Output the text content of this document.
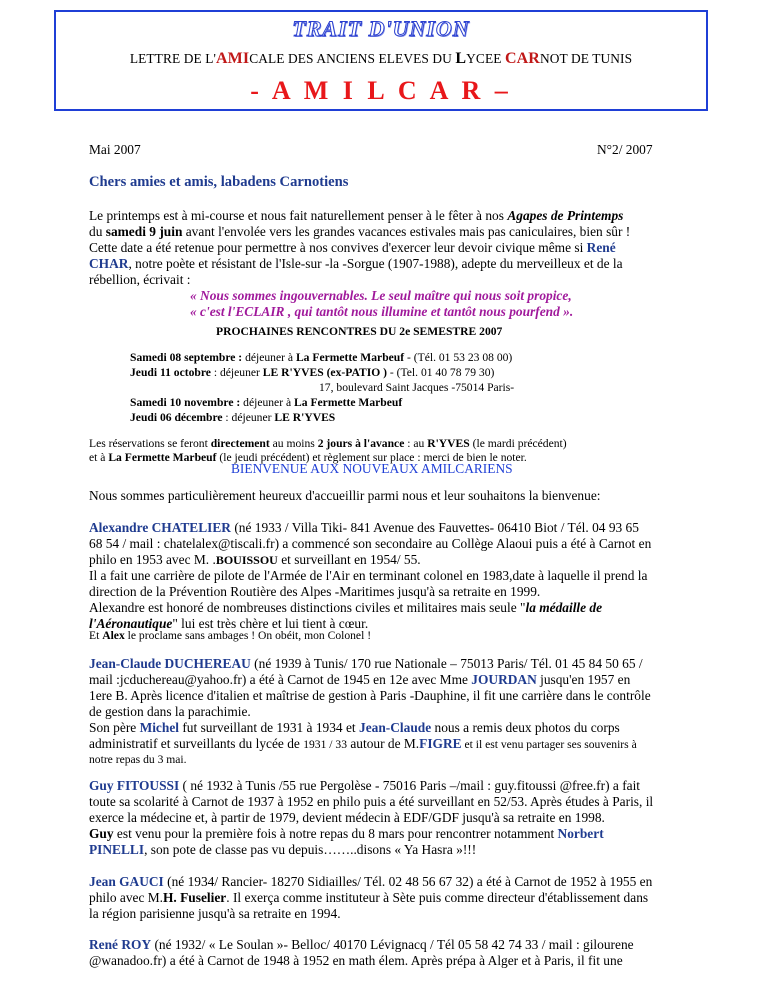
TRAIT D'UNION
LETTRE DE L'AMICALE DES ANCIENS ELEVES DU LYCEE CARNOT DE TUNIS
- A M I L C A R –
Mai 2007	N°2/ 2007
Chers amies et amis, labadens Carnotiens
Le printemps est à mi-course et nous fait naturellement penser à le fêter à nos Agapes de Printemps
du samedi 9 juin avant l'envolée vers les grandes vacances estivales mais pas caniculaires, bien sûr !
Cette date a été retenue pour permettre à nos convives d'exercer leur devoir civique même si René
CHAR, notre poète et résistant de l'Isle-sur -la -Sorgue (1907-1988), adepte du merveilleux et de la
rébellion, écrivait :
« Nous sommes ingouvernables. Le seul maître qui nous soit propice,
« c'est l'ECLAIR , qui tantôt nous illumine et tantôt nous pourfend ».
PROCHAINES RENCONTRES DU 2e SEMESTRE 2007
Samedi 08 septembre : déjeuner à La Fermette Marbeuf - (Tél. 01 53 23 08 00)
Jeudi 11 octobre : déjeuner LE R'YVES (ex-PATIO ) - (Tel. 01 40 78 79 30)
17, boulevard Saint Jacques -75014 Paris-
Samedi 10 novembre : déjeuner à La Fermette Marbeuf
Jeudi 06 décembre : déjeuner LE R'YVES
Les réservations se feront directement au moins 2 jours à l'avance : au R'YVES (le mardi précédent)
et à La Fermette Marbeuf (le jeudi précédent) et règlement sur place : merci de bien le noter.
BIENVENUE AUX NOUVEAUX AMILCARIENS
Nous sommes particulièrement heureux d'accueillir parmi nous et leur souhaitons la bienvenue:
Alexandre CHATELIER (né 1933 / Villa Tiki- 841 Avenue des Fauvettes- 06410 Biot / Tél. 04 93 65
68 54 / mail : chatelalex@tiscali.fr) a commencé son secondaire au Collège Alaoui puis a été à Carnot en
philo en 1953 avec M. .BOUISSOU et surveillant en 1954/ 55.
Il a fait une carrière de pilote de l'Armée de l'Air en terminant colonel en 1983,date à laquelle il prend la
direction de la Prévention Routière des Alpes -Maritimes jusqu'à sa retraite en 1999.
Alexandre est honoré de nombreuses distinctions civiles et militaires mais seule "la médaille de
l'Aéronautique" lui est très chère et lui tient à cœur.
Et Alex le proclame sans ambages ! On obéit, mon Colonel !
Jean-Claude DUCHEREAU (né 1939 à Tunis/ 170 rue Nationale – 75013 Paris/ Tél. 01 45 84 50 65 /
mail :jcduchereau@yahoo.fr) a été à Carnot de 1945 en 12e avec Mme JOURDAN jusqu'en 1957 en
1ere B. Après licence d'italien et maîtrise de gestion à Paris -Dauphine, il fit une carrière dans le contrôle
de gestion dans la parachimie.
Son père Michel fut surveillant de 1931 à 1934 et Jean-Claude nous a remis deux photos du corps
administratif et surveillants du lycée de 1931 / 33 autour de M.FIGRE et il est venu partager ses souvenirs à
notre repas du 3 mai.
Guy FITOUSSI ( né 1932 à Tunis /55 rue Pergolèse - 75016 Paris –/mail : guy.fitoussi @free.fr) a fait
toute sa scolarité à Carnot de 1937 à 1952 en philo puis a été surveillant en 52/53. Après études à Paris, il
exerce la médecine et, à partir de 1979, devient médecin à EDF/GDF jusqu'à sa retraite en 1998.
Guy est venu pour la première fois à notre repas du 8 mars pour rencontrer notamment Norbert
PINELLI, son pote de classe pas vu depuis……..disons « Ya Hasra »!!!
Jean GAUCI (né 1934/ Rancier- 18270 Sidiailles/ Tél. 02 48 56 67 32) a été à Carnot de 1952 à 1955 en
philo avec M.H. Fuselier. Il exerça comme instituteur à Sète puis comme directeur d'établissement dans
la région parisienne jusqu'à sa retraite en 1994.
René ROY (né 1932/ « Le Soulan »- Belloc/ 40170 Lévignacq / Tél 05 58 42 74 33 / mail : gilourene
@wanadoo.fr) a été à Carnot de 1948 à 1952 en math élem. Après prépa à Alger et à Paris, il fit une
